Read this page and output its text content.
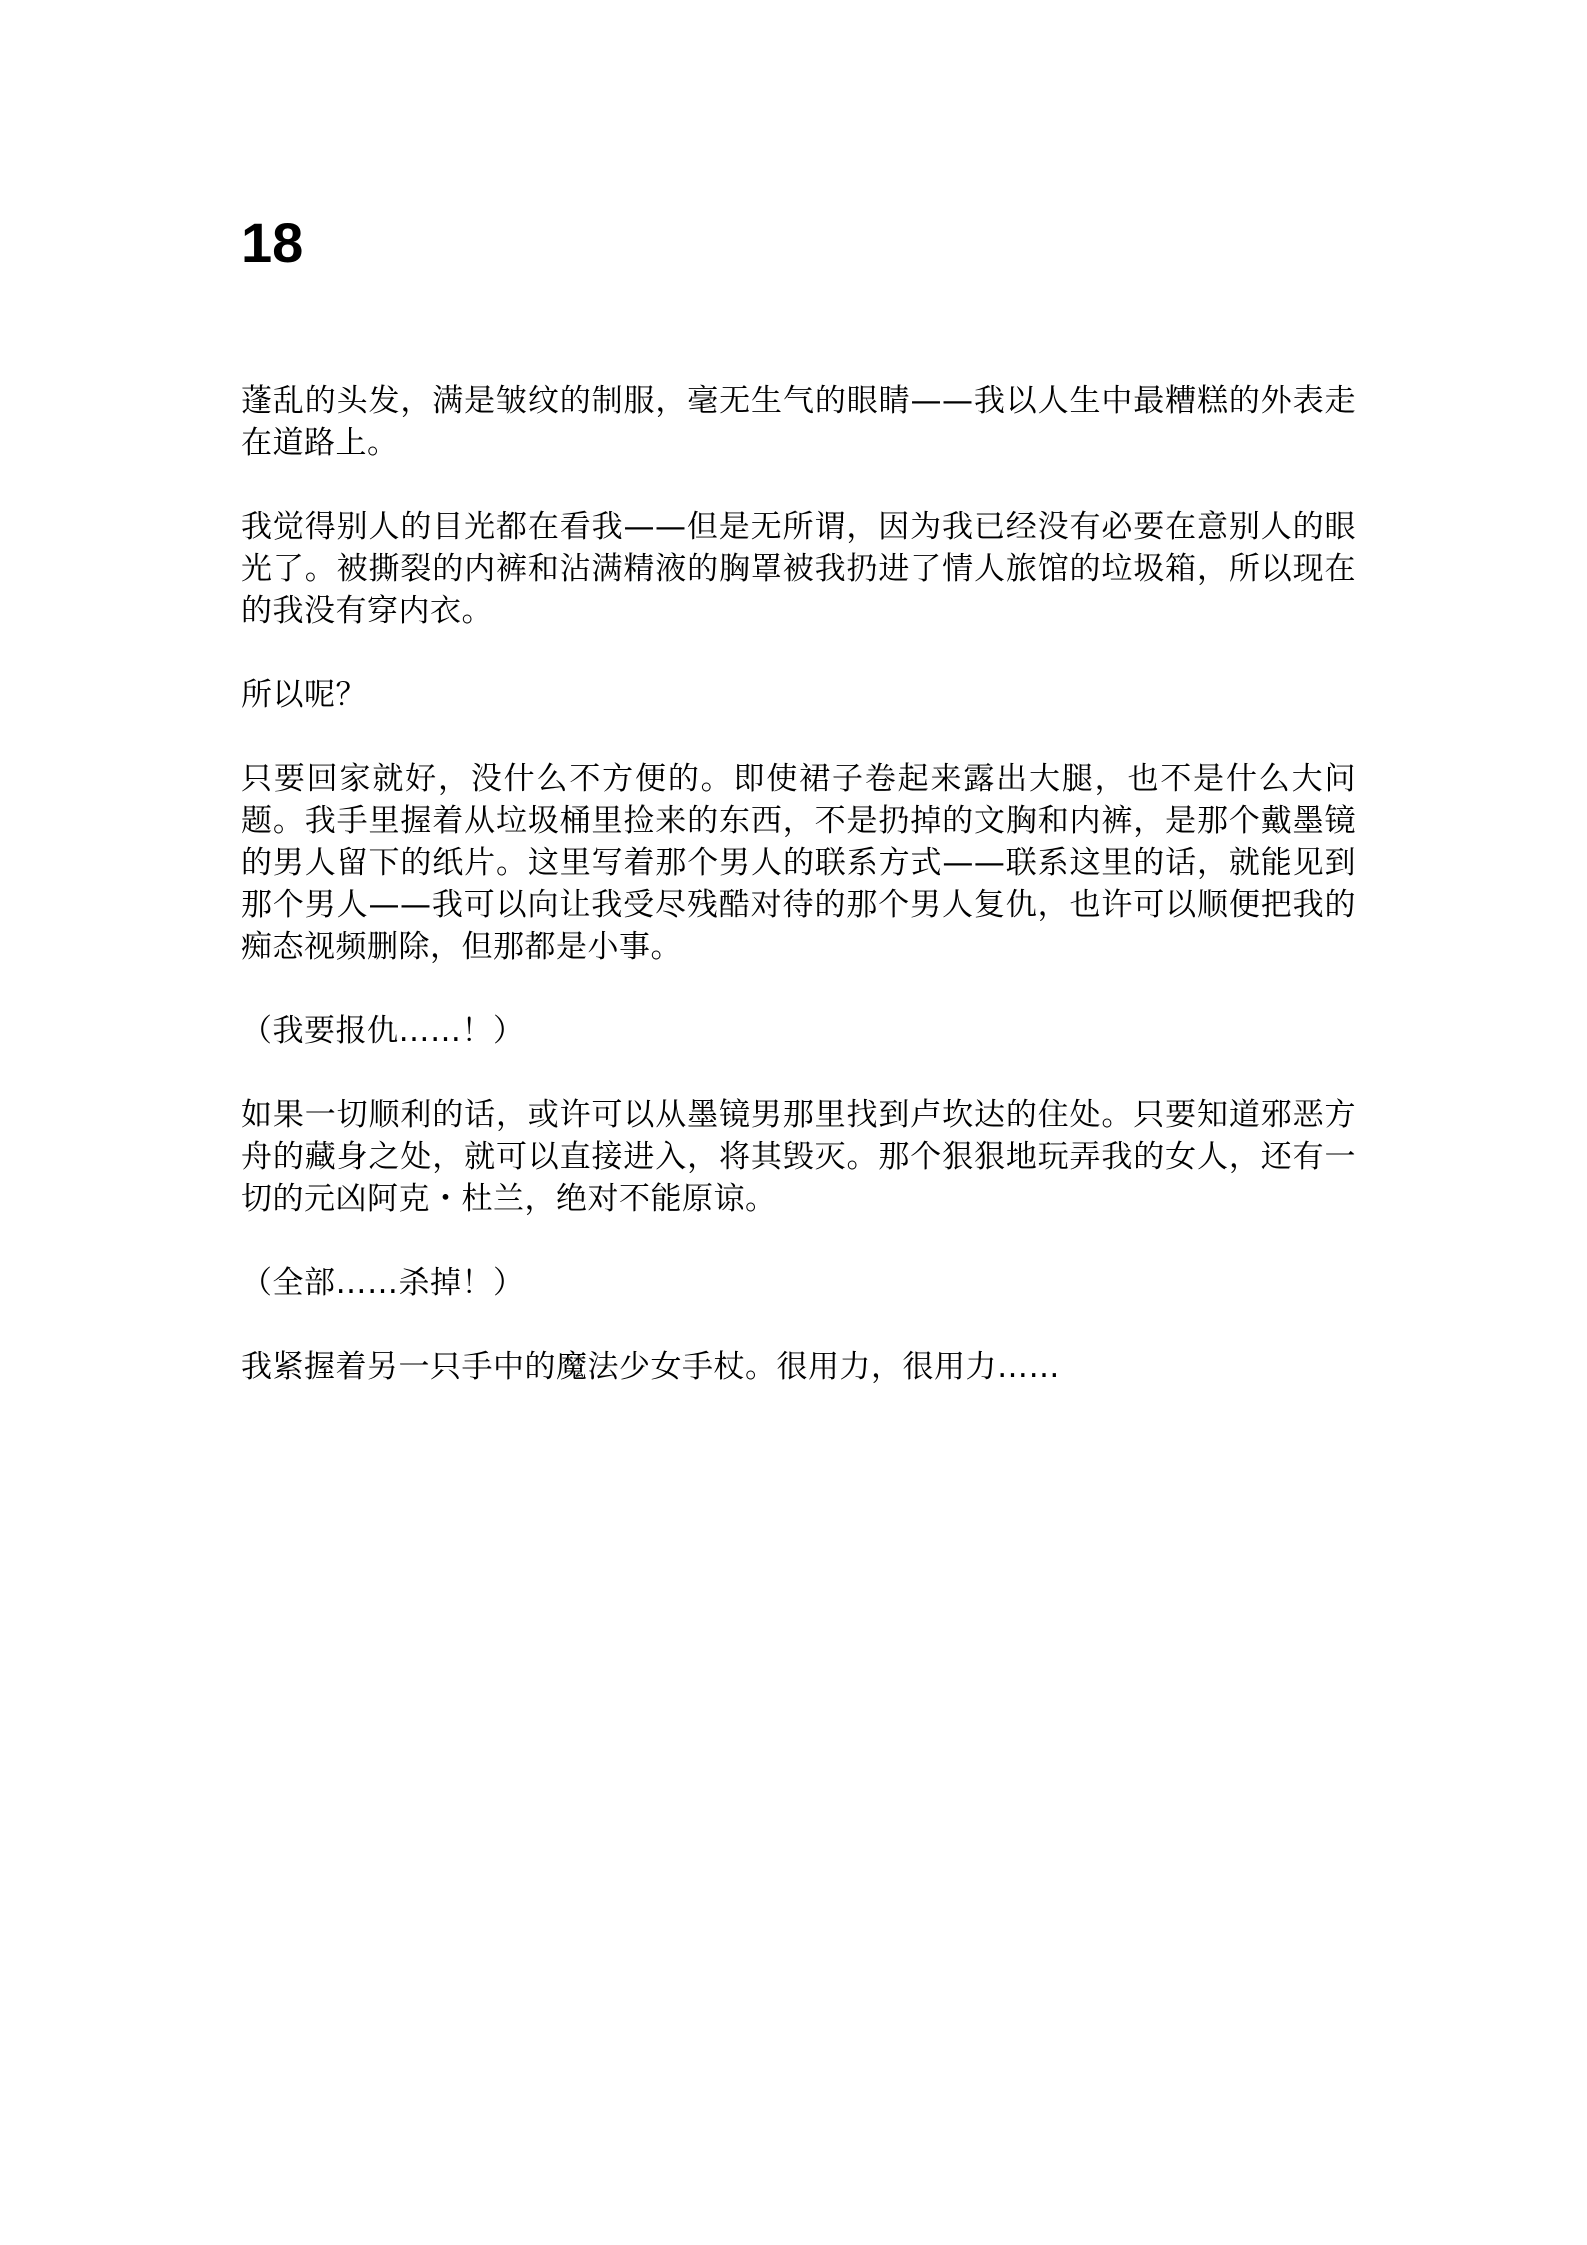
18

蓬乱的头发，满是皱纹的制服，毫无生气的眼睛——我以人生中最糟糕的外表走在道路上。

我觉得别人的目光都在看我——但是无所谓，因为我已经没有必要在意别人的眼光了。被撕裂的内裤和沾满精液的胸罩被我扔进了情人旅馆的垃圾箱，所以现在的我没有穿内衣。

所以呢？

只要回家就好，没什么不方便的。即使裙子卷起来露出大腿，也不是什么大问题。我手里握着从垃圾桶里捡来的东西，不是扔掉的文胸和内裤，是那个戴墨镜的男人留下的纸片。这里写着那个男人的联系方式——联系这里的话，就能见到那个男人——我可以向让我受尽残酷对待的那个男人复仇，也许可以顺便把我的痴态视频删除，但那都是小事。

（我要报仇……！）

如果一切顺利的话，或许可以从墨镜男那里找到卢坎达的住处。只要知道邪恶方舟的藏身之处，就可以直接进入，将其毁灭。那个狠狠地玩弄我的女人，还有一切的元凶阿克・杜兰，绝对不能原谅。

（全部……杀掉！）

我紧握着另一只手中的魔法少女手杖。很用力，很用力……
